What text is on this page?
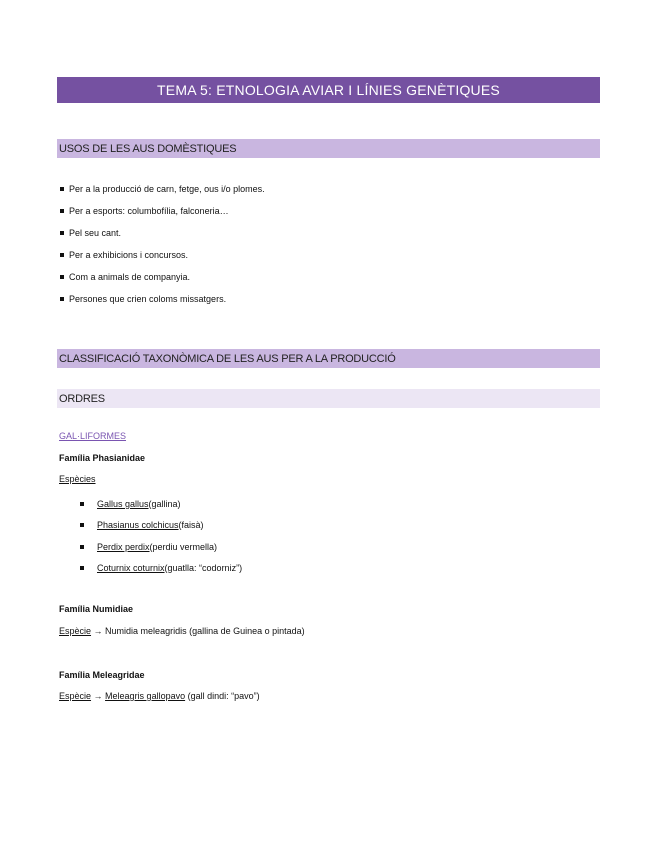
TEMA 5: ETNOLOGIA AVIAR I LÍNIES GENÈTIQUES
USOS DE LES AUS DOMÈSTIQUES
Per a la producció de carn, fetge, ous i/o plomes.
Per a esports: columbofília, falconeria…
Pel seu cant.
Per a exhibicions i concursos.
Com a animals de companyia.
Persones que crien coloms missatgers.
CLASSIFICACIÓ TAXONÒMICA DE LES AUS PER A LA PRODUCCIÓ
ORDRES
GAL·LIFORMES
Família Phasianidae
Espècies
Gallus gallus (gallina)
Phasianus colchicus (faisà)
Perdix perdix (perdiu vermella)
Coturnix coturnix (guatlla: “codorniz”)
Família Numidiae
Espècie → Numidia meleagridis (gallina de Guinea o pintada)
Família Meleagridae
Espècie → Meleagris gallopavo (gall dindi: “pavo”)
